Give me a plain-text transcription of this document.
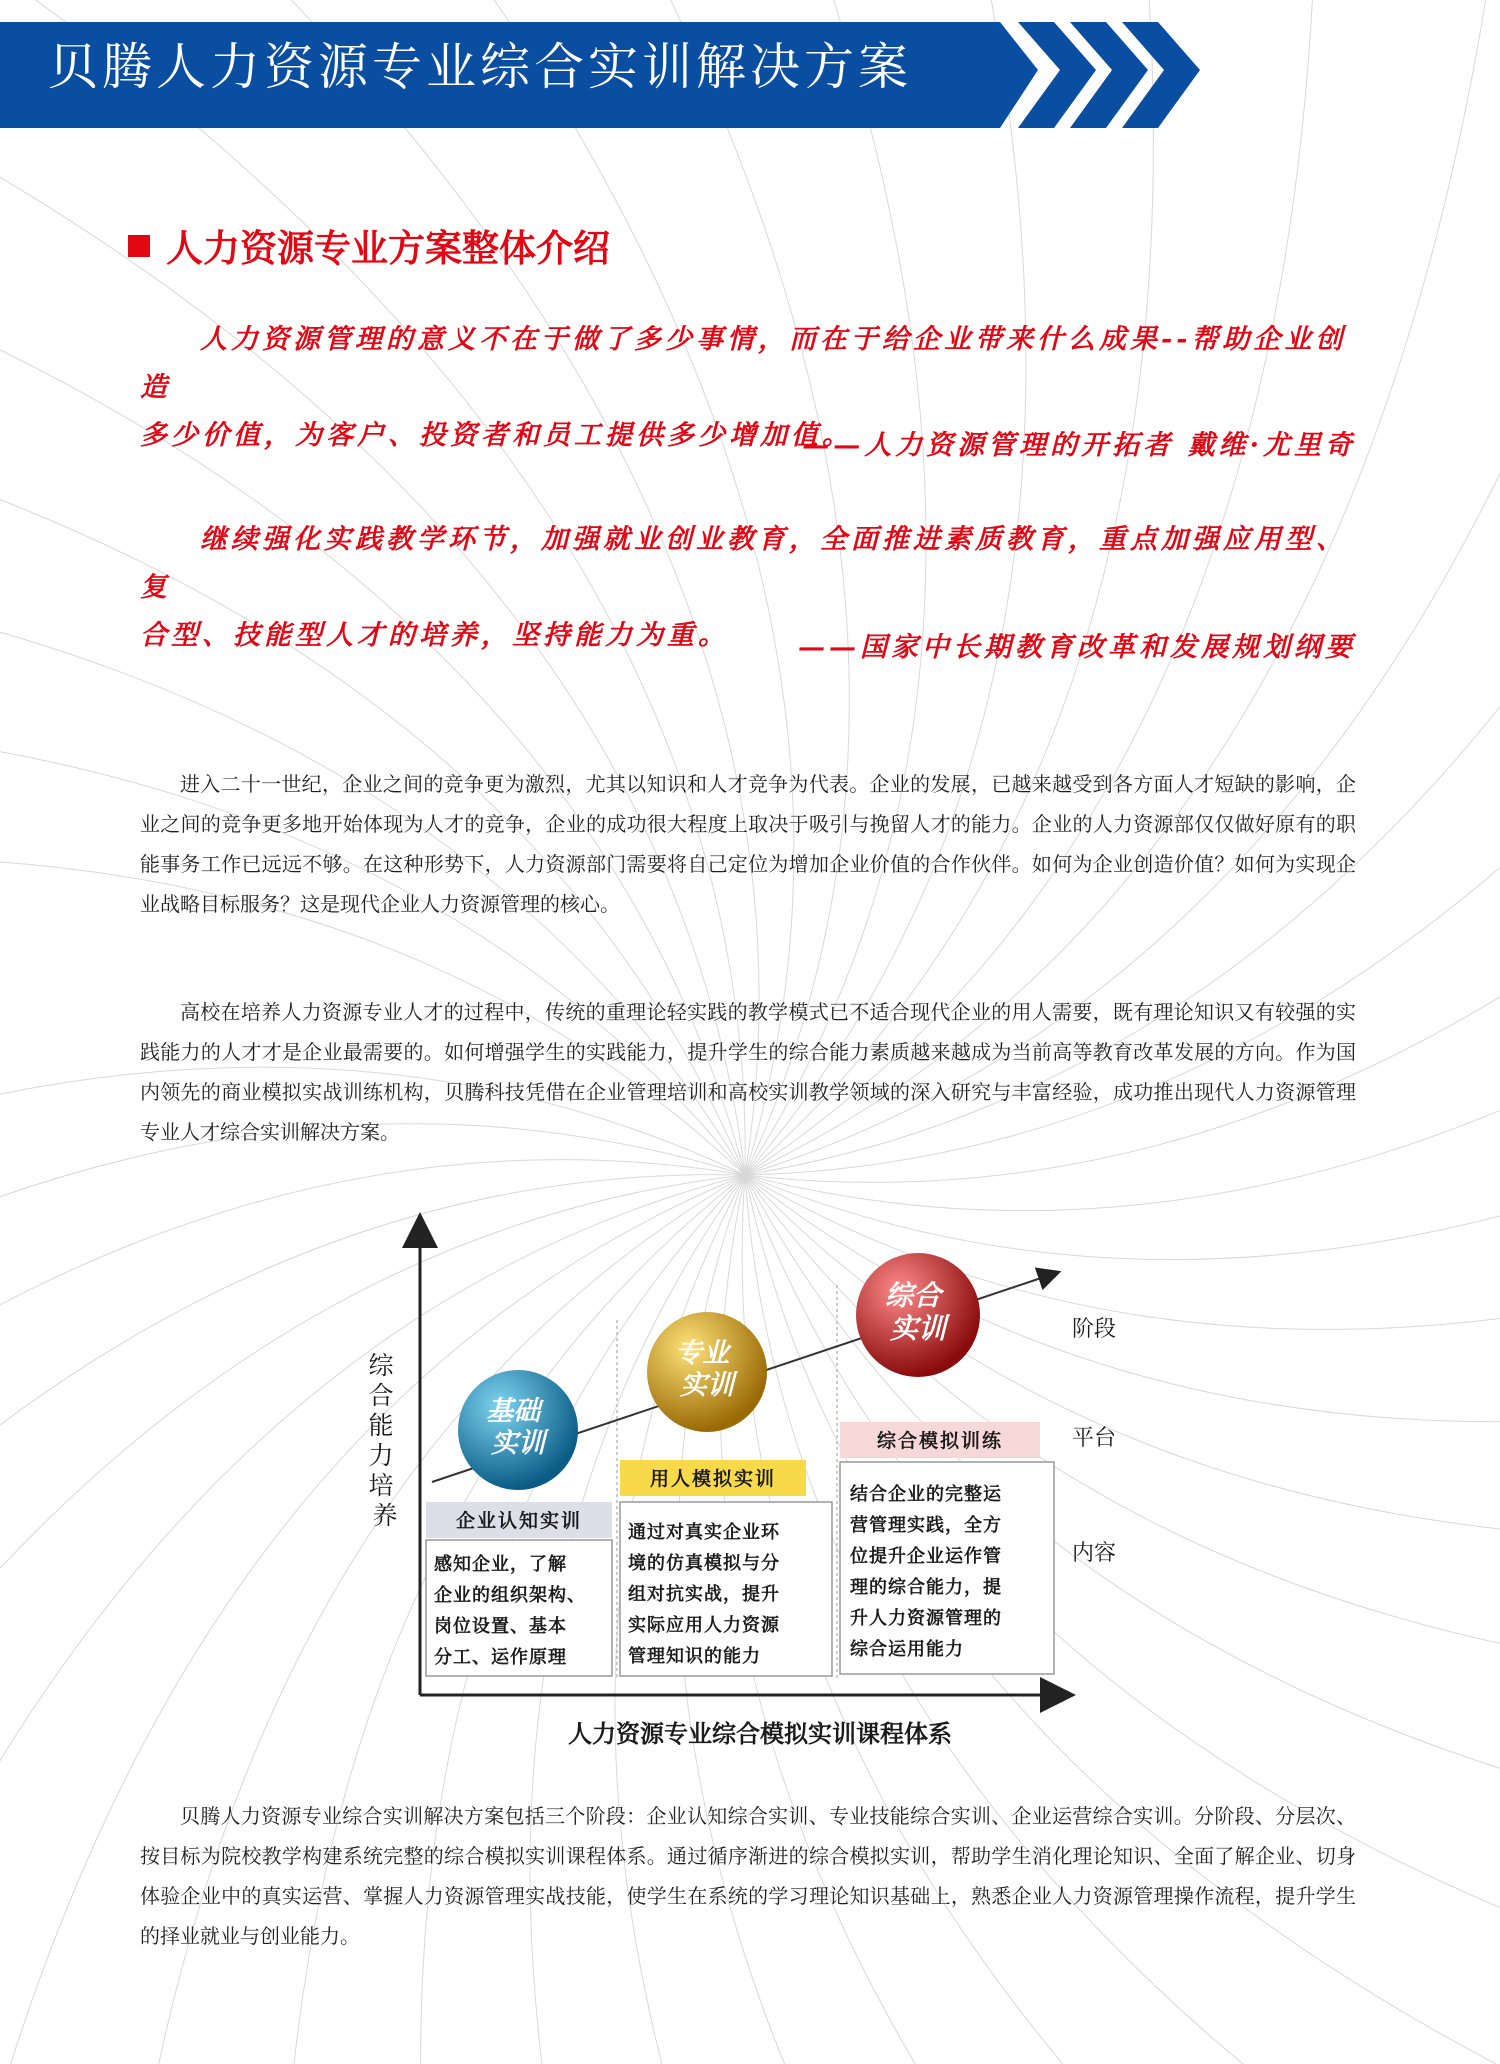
贝腾人力资源专业综合实训解决方案
人力资源专业方案整体介绍
人力资源管理的意义不在于做了多少事情，而在于给企业带来什么成果--帮助企业创造
多少价值，为客户、投资者和员工提供多少增加值。
——人力资源管理的开拓者 戴维·尤里奇
继续强化实践教学环节，加强就业创业教育，全面推进素质教育，重点加强应用型、复
合型、技能型人才的培养，坚持能力为重。	——国家中长期教育改革和发展规划纲要
进入二十一世纪，企业之间的竞争更为激烈，尤其以知识和人才竞争为代表。企业的发展，已越来越受到各方面人才短缺的影响，企业之间的竞争更多地开始体现为人才的竞争，企业的成功很大程度上取决于吸引与挽留人才的能力。企业的人力资源部仅仅做好原有的职能事务工作已远远不够。在这种形势下，人力资源部门需要将自己定位为增加企业价值的合作伙伴。如何为企业创造价值？如何为实现企业战略目标服务？这是现代企业人力资源管理的核心。
高校在培养人力资源专业人才的过程中，传统的重理论轻实践的教学模式已不适合现代企业的用人需要，既有理论知识又有较强的实践能力的人才才是企业最需要的。如何增强学生的实践能力，提升学生的综合能力素质越来越成为当前高等教育改革发展的方向。作为国内领先的商业模拟实战训练机构，贝腾科技凭借在企业管理培训和高校实训教学领域的深入研究与丰富经验，成功推出现代人力资源管理专业人才综合实训解决方案。
综 合 能 力 培 养
阶段
平台
内容
基础 实训
企业认知实训
感知企业，了解 企业的组织架构、 岗位设置、基本 分工、运作原理
专业 实训
用人模拟实训
通过对真实企业环 境的仿真模拟与分 组对抗实战，提升 实际应用人力资源 管理知识的能力
综合 实训
综合模拟训练
结合企业的完整运 营管理实践，全方 位提升企业运作管 理的综合能力，提 升人力资源管理的 综合运用能力
人力资源专业综合模拟实训课程体系
贝腾人力资源专业综合实训解决方案包括三个阶段：企业认知综合实训、专业技能综合实训、企业运营综合实训。分阶段、分层次、按目标为院校教学构建系统完整的综合模拟实训课程体系。通过循序渐进的综合模拟实训，帮助学生消化理论知识、全面了解企业、切身体验企业中的真实运营、掌握人力资源管理实战技能，使学生在系统的学习理论知识基础上，熟悉企业人力资源管理操作流程，提升学生的择业就业与创业能力。
